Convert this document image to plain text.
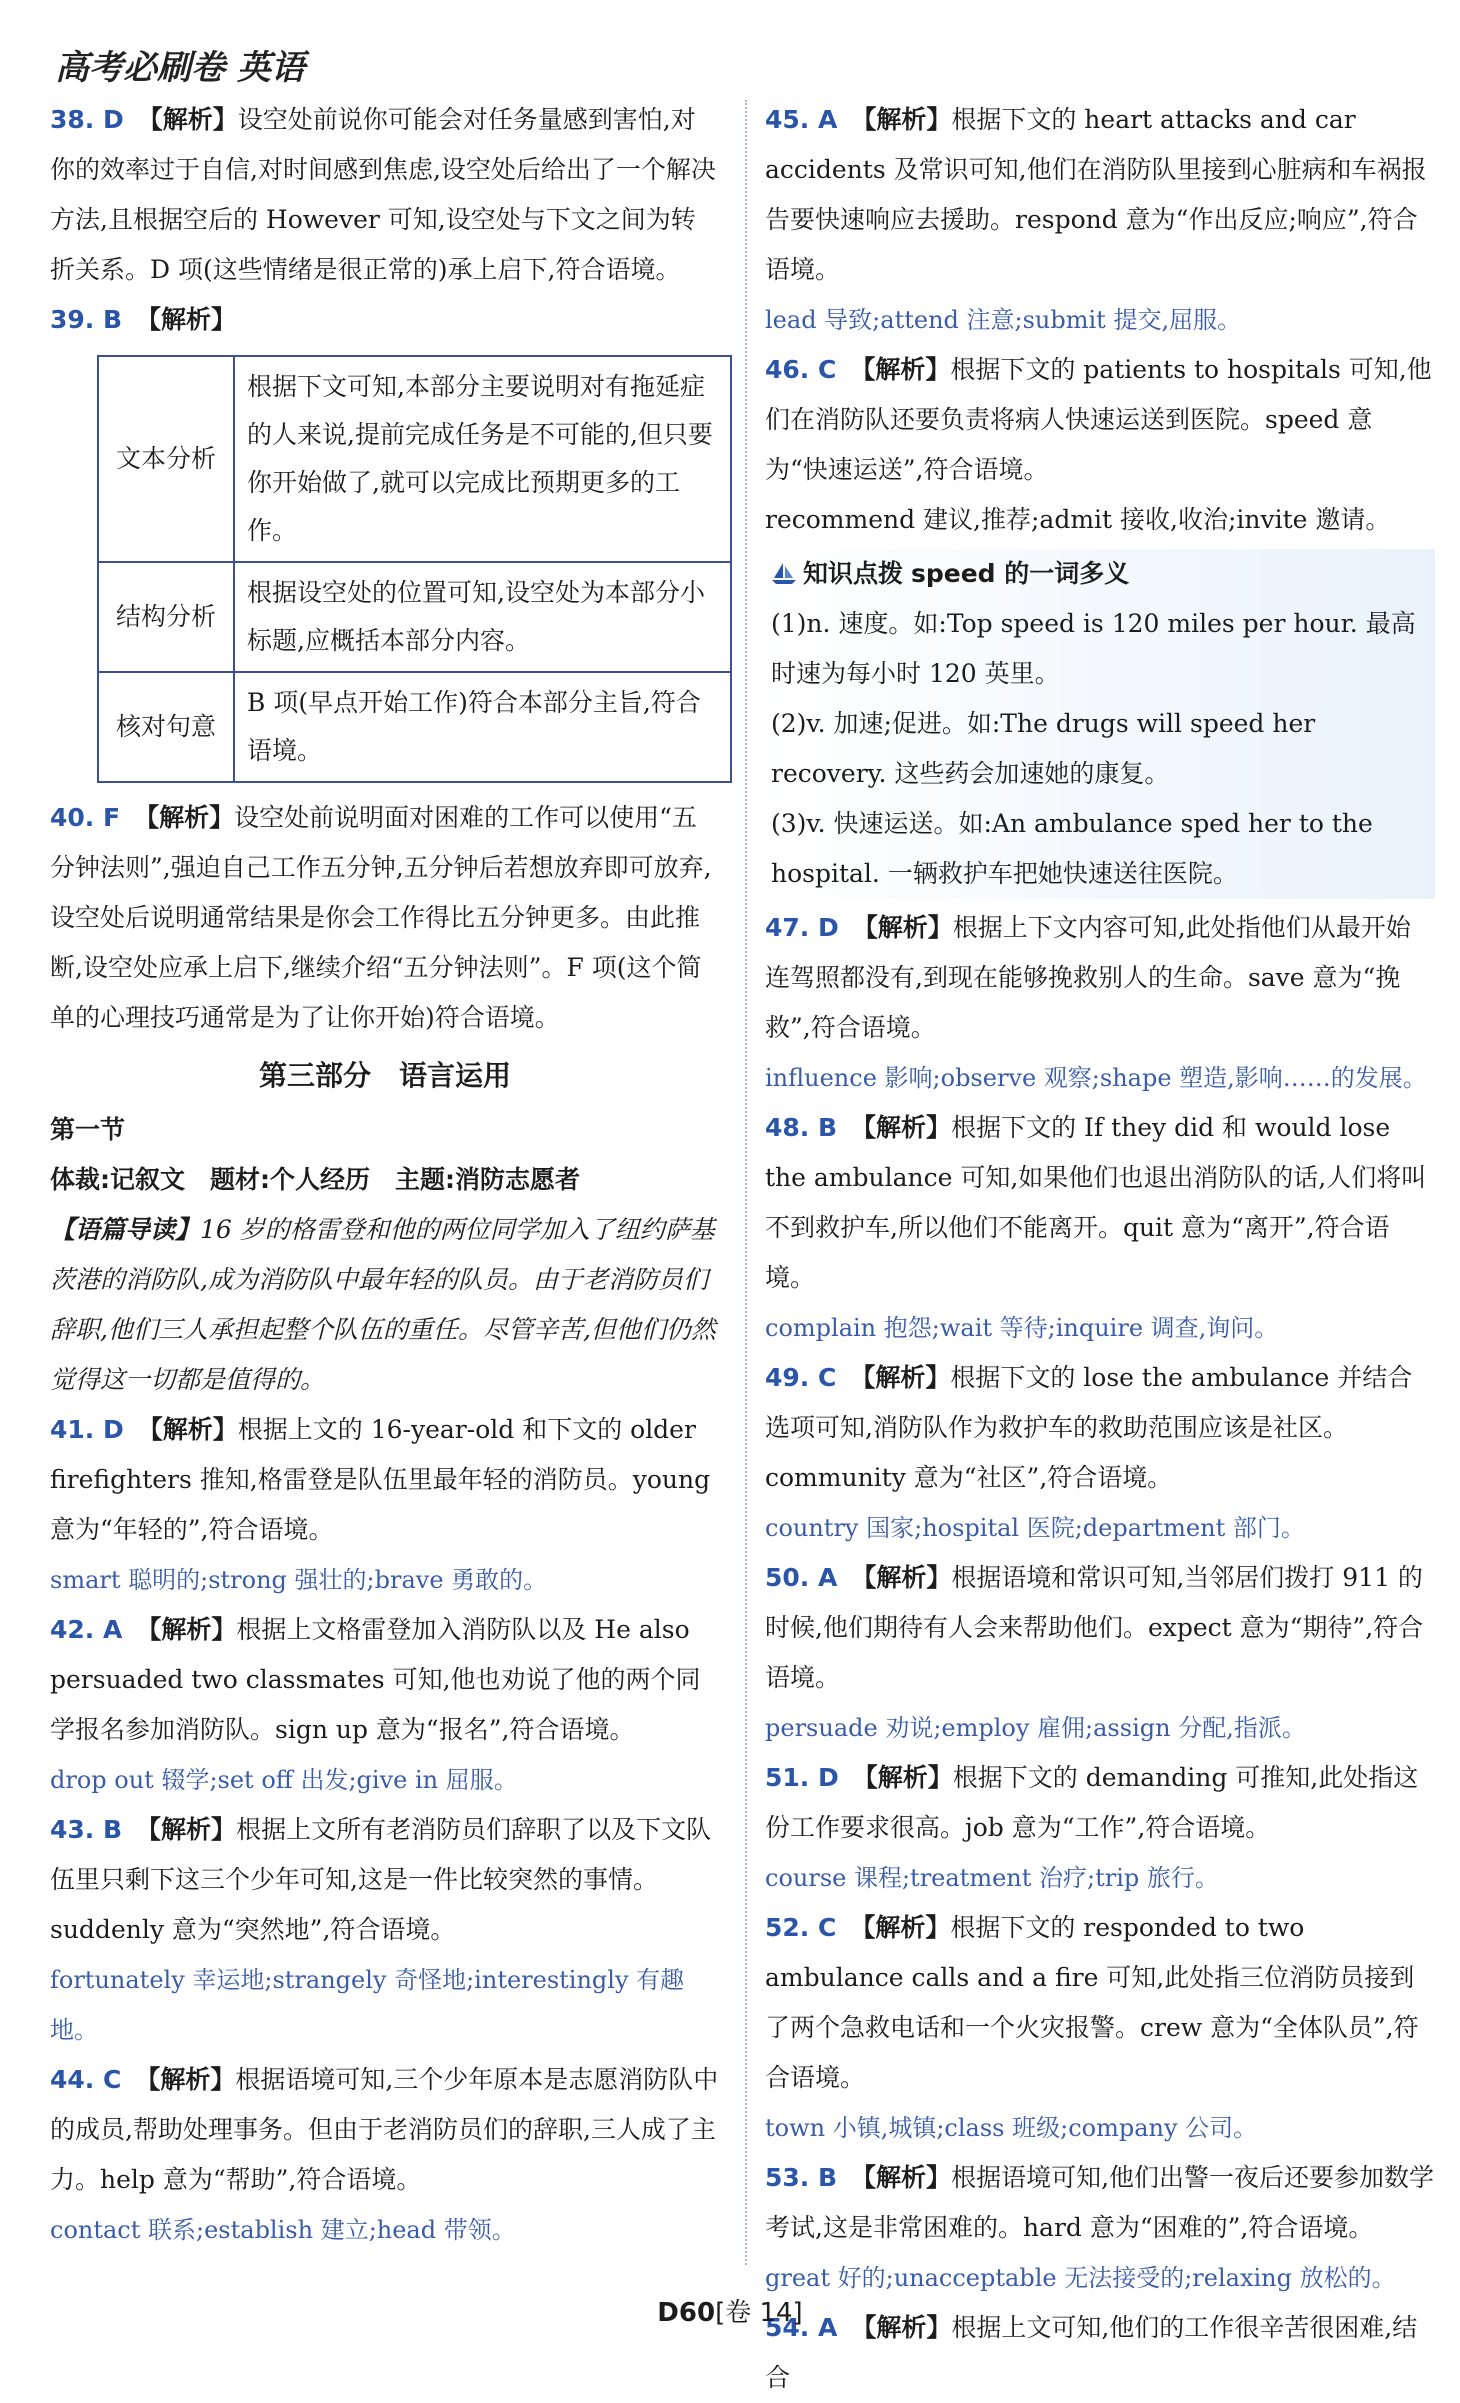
高考必刷卷 英语

38. D 【解析】设空处前说你可能会对任务量感到害怕,对你的效率过于自信,对时间感到焦虑,设空处后给出了一个解决方法,且根据空后的 However 可知,设空处与下文之间为转折关系。D 项(这些情绪是很正常的)承上启下,符合语境。

39. B 【解析】

文本分析	根据下文可知,本部分主要说明对有拖延症的人来说,提前完成任务是不可能的,但只要你开始做了,就可以完成比预期更多的工作。
结构分析	根据设空处的位置可知,设空处为本部分小标题,应概括本部分内容。
核对句意	B 项(早点开始工作)符合本部分主旨,符合语境。

40. F 【解析】设空处前说明面对困难的工作可以使用“五分钟法则”,强迫自己工作五分钟,五分钟后若想放弃即可放弃,设空处后说明通常结果是你会工作得比五分钟更多。由此推断,设空处应承上启下,继续介绍“五分钟法则”。F 项(这个简单的心理技巧通常是为了让你开始)符合语境。

第三部分　语言运用
第一节
体裁:记叙文　题材:个人经历　主题:消防志愿者

【语篇导读】16 岁的格雷登和他的两位同学加入了纽约萨基茨港的消防队,成为消防队中最年轻的队员。由于老消防员们辞职,他们三人承担起整个队伍的重任。尽管辛苦,但他们仍然觉得这一切都是值得的。

41. D 【解析】根据上文的 16-year-old 和下文的 older firefighters 推知,格雷登是队伍里最年轻的消防员。young 意为“年轻的”,符合语境。

smart 聪明的;strong 强壮的;brave 勇敢的。

42. A 【解析】根据上文格雷登加入消防队以及 He also persuaded two classmates 可知,他也劝说了他的两个同学报名参加消防队。sign up 意为“报名”,符合语境。

drop out 辍学;set off 出发;give in 屈服。

43. B 【解析】根据上文所有老消防员们辞职了以及下文队伍里只剩下这三个少年可知,这是一件比较突然的事情。suddenly 意为“突然地”,符合语境。

fortunately 幸运地;strangely 奇怪地;interestingly 有趣地。

44. C 【解析】根据语境可知,三个少年原本是志愿消防队中的成员,帮助处理事务。但由于老消防员们的辞职,三人成了主力。help 意为“帮助”,符合语境。

contact 联系;establish 建立;head 带领。

45. A 【解析】根据下文的 heart attacks and car accidents 及常识可知,他们在消防队里接到心脏病和车祸报告要快速响应去援助。respond 意为“作出反应;响应”,符合语境。

lead 导致;attend 注意;submit 提交,屈服。

46. C 【解析】根据下文的 patients to hospitals 可知,他们在消防队还要负责将病人快速运送到医院。speed 意为“快速运送”,符合语境。

recommend 建议,推荐;admit 接收,收治;invite 邀请。
知识点拨 speed 的一词多义
(1)n. 速度。如:Top speed is 120 miles per hour. 最高时速为每小时 120 英里。
(2)v. 加速;促进。如:The drugs will speed her recovery. 这些药会加速她的康复。
(3)v. 快速运送。如:An ambulance sped her to the hospital. 一辆救护车把她快速送往医院。

47. D 【解析】根据上下文内容可知,此处指他们从最开始连驾照都没有,到现在能够挽救别人的生命。save 意为“挽救”,符合语境。

influence 影响;observe 观察;shape 塑造,影响……的发展。

48. B 【解析】根据下文的 If they did 和 would lose the ambulance 可知,如果他们也退出消防队的话,人们将叫不到救护车,所以他们不能离开。quit 意为“离开”,符合语境。

complain 抱怨;wait 等待;inquire 调查,询问。

49. C 【解析】根据下文的 lose the ambulance 并结合选项可知,消防队作为救护车的救助范围应该是社区。community 意为“社区”,符合语境。

country 国家;hospital 医院;department 部门。

50. A 【解析】根据语境和常识可知,当邻居们拨打 911 的时候,他们期待有人会来帮助他们。expect 意为“期待”,符合语境。

persuade 劝说;employ 雇佣;assign 分配,指派。

51. D 【解析】根据下文的 demanding 可推知,此处指这份工作要求很高。job 意为“工作”,符合语境。

course 课程;treatment 治疗;trip 旅行。

52. C 【解析】根据下文的 responded to two ambulance calls and a fire 可知,此处指三位消防员接到了两个急救电话和一个火灾报警。crew 意为“全体队员”,符合语境。

town 小镇,城镇;class 班级;company 公司。

53. B 【解析】根据语境可知,他们出警一夜后还要参加数学考试,这是非常困难的。hard 意为“困难的”,符合语境。

great 好的;unacceptable 无法接受的;relaxing 放松的。

54. A 【解析】根据上文可知,他们的工作很辛苦很困难,结合

D60[卷 14]
